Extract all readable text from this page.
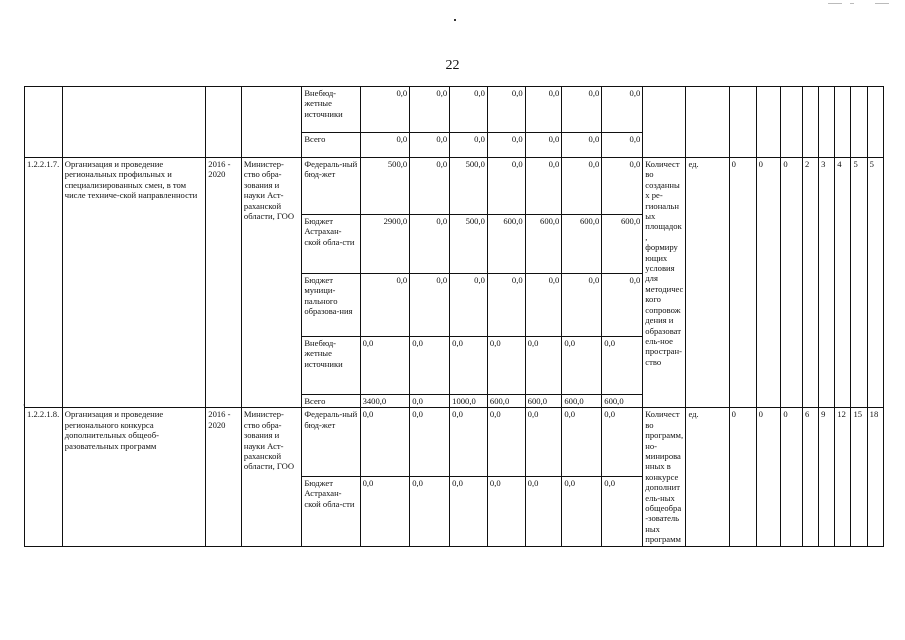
,
22
				Внебюд-жетные источники	0,0	0,0	0,0	0,0	0,0	0,0	0,0										
				Всего	0,0	0,0	0,0	0,0	0,0	0,0	0,0										
1.2.2.1.7.	Организация и проведение региональных профильных и специализированных смен, в том числе техниче-ской направленности	2016 - 2020	Министер-ство обра-зования и науки Аст-раханской области, ГОО	Федераль-ный бюд-жет	500,0	0,0	500,0	0,0	0,0	0,0	0,0	Количество созданных ре-гиональных площадок, формирующих условия для методического сопровождения и образователь-ное простран-ство	ед.	0	0	0	2	3	4	5	5
				Бюджет Астрахан-ской обла-сти	2900,0	0,0	500,0	600,0	600,0	600,0	600,0										
				Бюджет муници-пального образова-ния	0,0	0,0	0,0	0,0	0,0	0,0	0,0										
				Внебюд-жетные источники	0,0	0,0	0,0	0,0	0,0	0,0	0,0										
				Всего	3400,0	0,0	1000,0	600,0	600,0	600,0	600,0										
1.2.2.1.8.	Организация и проведение регионального конкурса дополнительных общеоб-разовательных программ	2016 - 2020	Министер-ство обра-зования и науки Аст-раханской области, ГОО	Федераль-ный бюд-жет	0,0	0,0	0,0	0,0	0,0	0,0	0,0	Количество программ, но-минированных в конкурсе дополнитель-ных общеобра-зовательных программ	ед.	0	0	0	6	9	12	15	18
				Бюджет Астрахан-ской обла-сти	0,0	0,0	0,0	0,0	0,0	0,0	0,0										
